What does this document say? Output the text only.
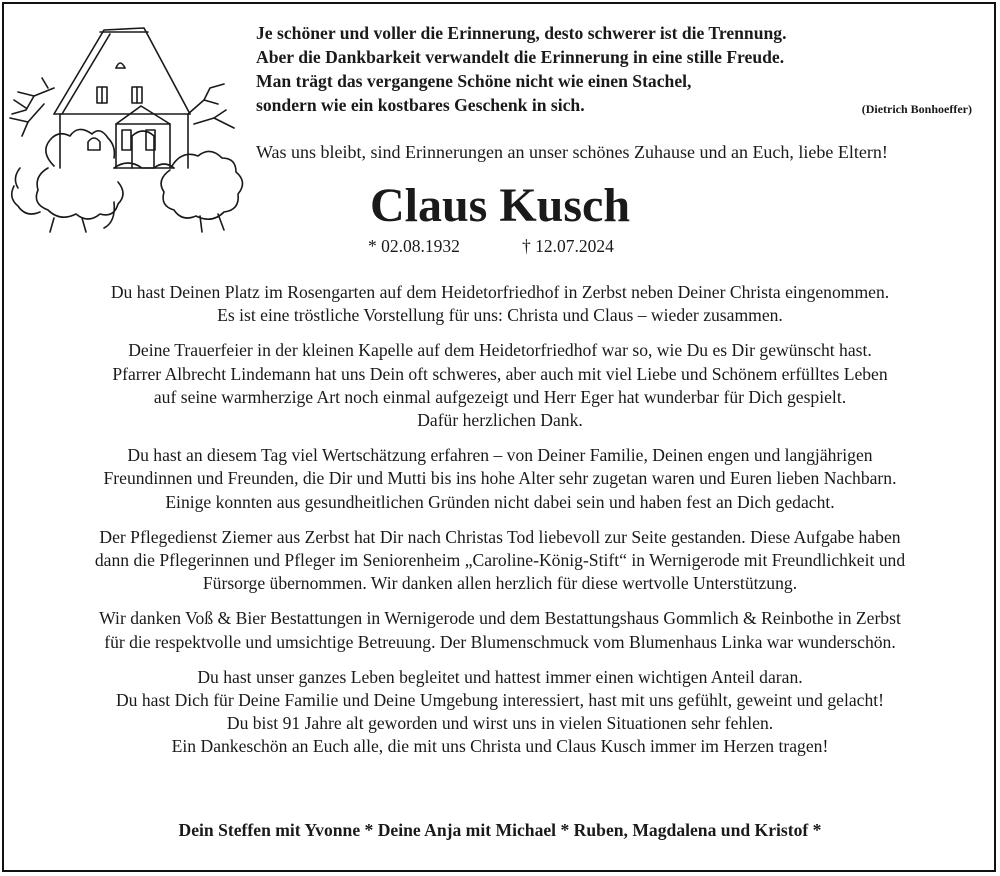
Je schöner und voller die Erinnerung, desto schwerer ist die Trennung.
Aber die Dankbarkeit verwandelt die Erinnerung in eine stille Freude.
Man trägt das vergangene Schöne nicht wie einen Stachel,
sondern wie ein kostbares Geschenk in sich.	(Dietrich Bonhoeffer)
Was uns bleibt, sind Erinnerungen an unser schönes Zuhause und an Euch, liebe Eltern!
Claus Kusch
* 02.08.1932	† 12.07.2024
Du hast Deinen Platz im Rosengarten auf dem Heidetorfriedhof in Zerbst neben Deiner Christa eingenommen.
Es ist eine tröstliche Vorstellung für uns: Christa und Claus – wieder zusammen.
Deine Trauerfeier in der kleinen Kapelle auf dem Heidetorfriedhof war so, wie Du es Dir gewünscht hast.
Pfarrer Albrecht Lindemann hat uns Dein oft schweres, aber auch mit viel Liebe und Schönem erfülltes Leben
auf seine warmherzige Art noch einmal aufgezeigt und Herr Eger hat wunderbar für Dich gespielt.
Dafür herzlichen Dank.
Du hast an diesem Tag viel Wertschätzung erfahren – von Deiner Familie, Deinen engen und langjährigen
Freundinnen und Freunden, die Dir und Mutti bis ins hohe Alter sehr zugetan waren und Euren lieben Nachbarn.
Einige konnten aus gesundheitlichen Gründen nicht dabei sein und haben fest an Dich gedacht.
Der Pflegedienst Ziemer aus Zerbst hat Dir nach Christas Tod liebevoll zur Seite gestanden. Diese Aufgabe haben
dann die Pflegerinnen und Pfleger im Seniorenheim „Caroline-König-Stift“ in Wernigerode mit Freundlichkeit und
Fürsorge übernommen. Wir danken allen herzlich für diese wertvolle Unterstützung.
Wir danken Voß & Bier Bestattungen in Wernigerode und dem Bestattungshaus Gommlich & Reinbothe in Zerbst
für die respektvolle und umsichtige Betreuung. Der Blumenschmuck vom Blumenhaus Linka war wunderschön.
Du hast unser ganzes Leben begleitet und hattest immer einen wichtigen Anteil daran.
Du hast Dich für Deine Familie und Deine Umgebung interessiert, hast mit uns gefühlt, geweint und gelacht!
Du bist 91 Jahre alt geworden und wirst uns in vielen Situationen sehr fehlen.
Ein Dankeschön an Euch alle, die mit uns Christa und Claus Kusch immer im Herzen tragen!
Dein Steffen mit Yvonne * Deine Anja mit Michael * Ruben, Magdalena und Kristof *
